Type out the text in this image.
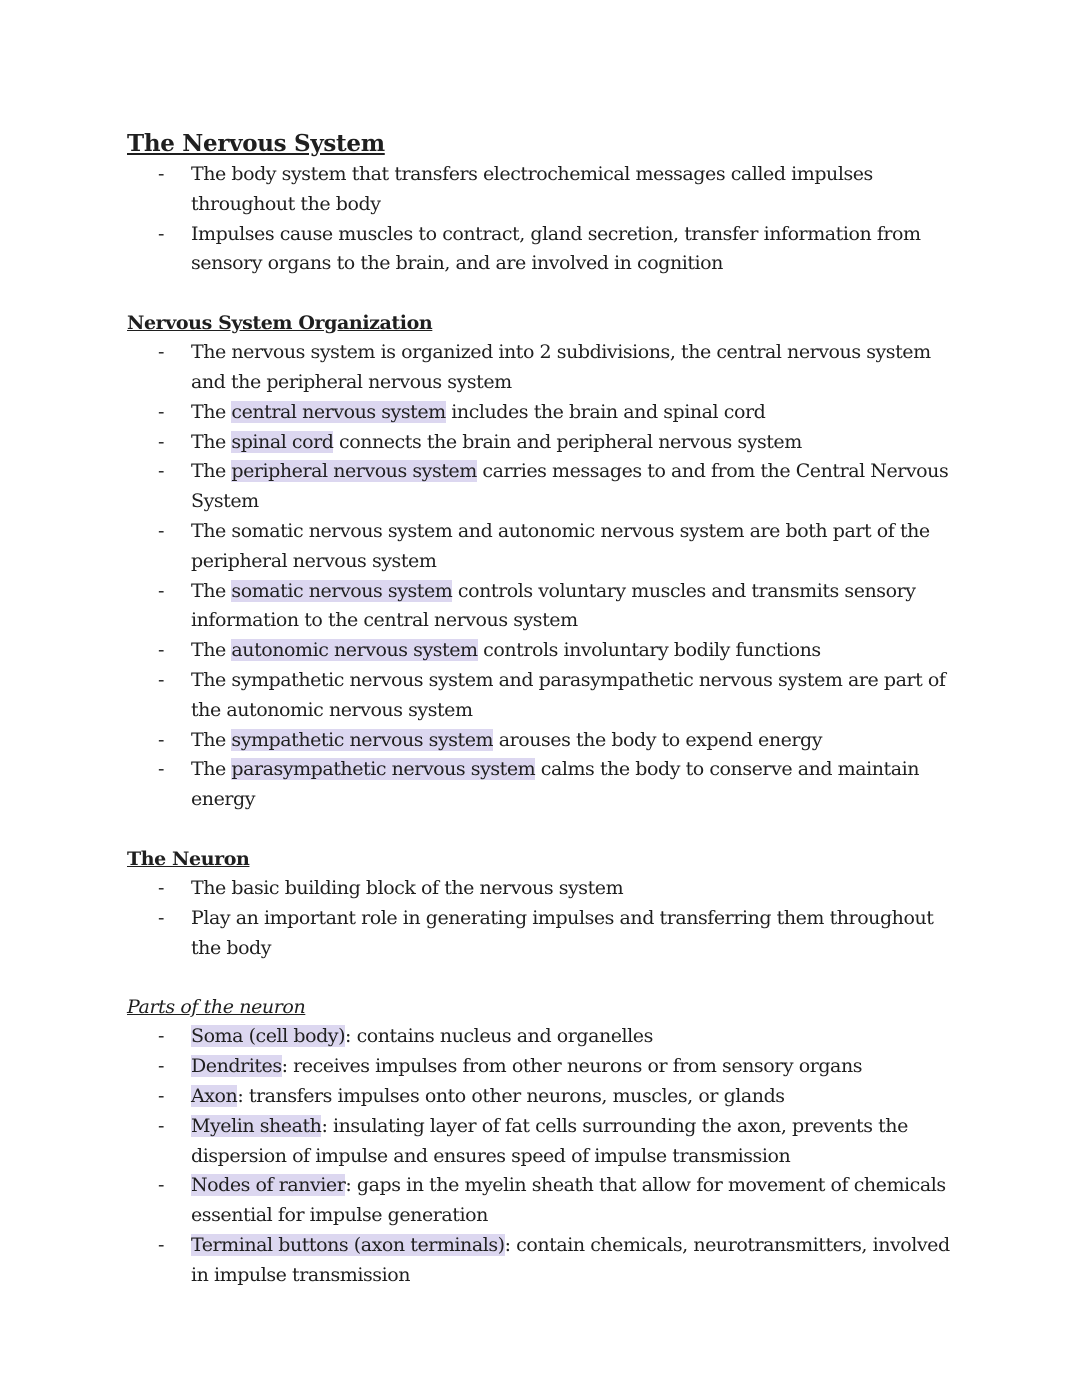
The Nervous System
- The body system that transfers electrochemical messages called impulses throughout the body
- Impulses cause muscles to contract, gland secretion, transfer information from sensory organs to the brain, and are involved in cognition
Nervous System Organization
- The nervous system is organized into 2 subdivisions, the central nervous system and the peripheral nervous system
- The central nervous system includes the brain and spinal cord
- The spinal cord connects the brain and peripheral nervous system
- The peripheral nervous system carries messages to and from the Central Nervous System
- The somatic nervous system and autonomic nervous system are both part of the peripheral nervous system
- The somatic nervous system controls voluntary muscles and transmits sensory information to the central nervous system
- The autonomic nervous system controls involuntary bodily functions
- The sympathetic nervous system and parasympathetic nervous system are part of the autonomic nervous system
- The sympathetic nervous system arouses the body to expend energy
- The parasympathetic nervous system calms the body to conserve and maintain energy
The Neuron
- The basic building block of the nervous system
- Play an important role in generating impulses and transferring them throughout the body
Parts of the neuron
- Soma (cell body): contains nucleus and organelles
- Dendrites: receives impulses from other neurons or from sensory organs
- Axon: transfers impulses onto other neurons, muscles, or glands
- Myelin sheath: insulating layer of fat cells surrounding the axon, prevents the dispersion of impulse and ensures speed of impulse transmission
- Nodes of ranvier: gaps in the myelin sheath that allow for movement of chemicals essential for impulse generation
- Terminal buttons (axon terminals): contain chemicals, neurotransmitters, involved in impulse transmission
